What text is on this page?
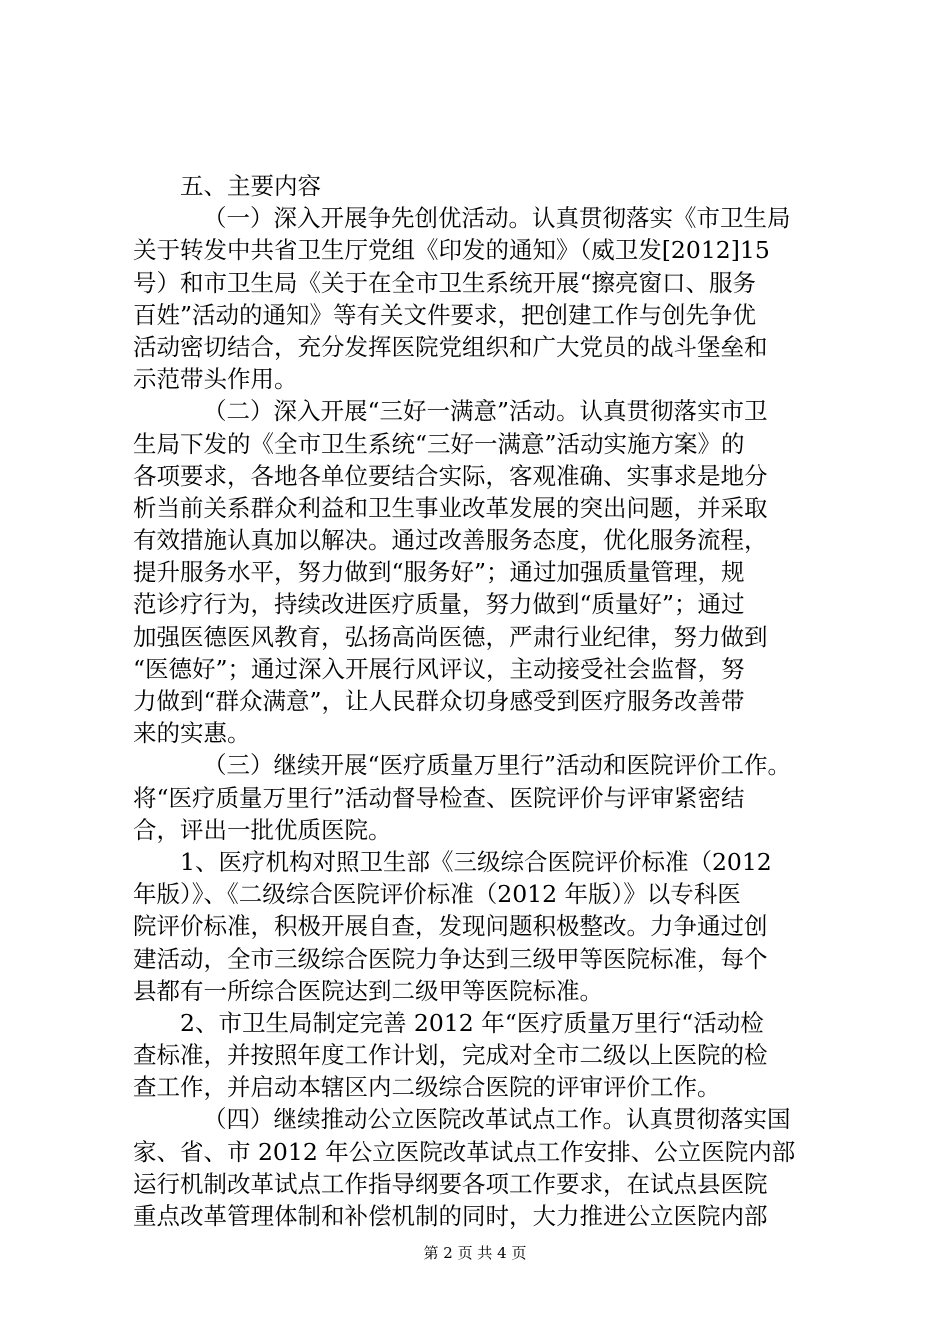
五、主要内容
（一）深入开展争先创优活动。认真贯彻落实《市卫生局
关于转发中共省卫生厅党组《印发的通知》（威卫发[2012]15
号）和市卫生局《关于在全市卫生系统开展“擦亮窗口、服务
百姓”活动的通知》等有关文件要求，把创建工作与创先争优
活动密切结合，充分发挥医院党组织和广大党员的战斗堡垒和
示范带头作用。
（二）深入开展“三好一满意”活动。认真贯彻落实市卫
生局下发的《全市卫生系统“三好一满意”活动实施方案》的
各项要求，各地各单位要结合实际，客观准确、实事求是地分
析当前关系群众利益和卫生事业改革发展的突出问题，并采取
有效措施认真加以解决。通过改善服务态度，优化服务流程，
提升服务水平，努力做到“服务好”；通过加强质量管理，规
范诊疗行为，持续改进医疗质量，努力做到“质量好”；通过
加强医德医风教育，弘扬高尚医德，严肃行业纪律，努力做到
“医德好”；通过深入开展行风评议，主动接受社会监督，努
力做到“群众满意”，让人民群众切身感受到医疗服务改善带
来的实惠。
（三）继续开展“医疗质量万里行”活动和医院评价工作。
将“医疗质量万里行”活动督导检查、医院评价与评审紧密结
合，评出一批优质医院。
1、医疗机构对照卫生部《三级综合医院评价标准（2012
年版）》、《二级综合医院评价标准（2012 年版）》以专科医
院评价标准，积极开展自查，发现问题积极整改。力争通过创
建活动，全市三级综合医院力争达到三级甲等医院标准，每个
县都有一所综合医院达到二级甲等医院标准。
2、市卫生局制定完善 2012 年“医疗质量万里行“活动检
查标准，并按照年度工作计划，完成对全市二级以上医院的检
查工作，并启动本辖区内二级综合医院的评审评价工作。
（四）继续推动公立医院改革试点工作。认真贯彻落实国
家、省、市 2012 年公立医院改革试点工作安排、公立医院内部
运行机制改革试点工作指导纲要各项工作要求，在试点县医院
重点改革管理体制和补偿机制的同时，大力推进公立医院内部
第 2 页 共 4 页
